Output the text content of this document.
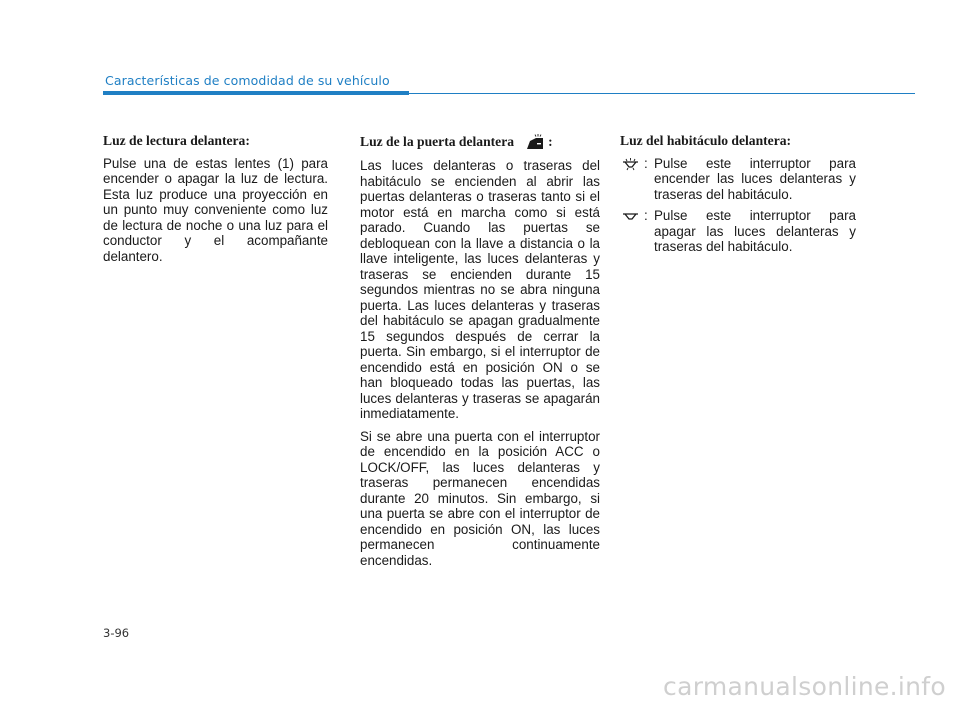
Características de comodidad de su vehículo
Luz de lectura delantera:
Pulse una de estas lentes (1) para encender o apagar la luz de lectura. Esta luz produce una proyección en un punto muy conveniente como luz de lectura de noche o una luz para el conductor y el acompañante delantero.
Luz de la puerta delantera	:
Las luces delanteras o traseras del habitáculo se encienden al abrir las puertas delanteras o traseras tanto si el motor está en marcha como si está parado. Cuando las puertas se debloquean con la llave a distancia o la llave inteligente, las luces delanteras y traseras se encienden durante 15 segundos mientras no se abra ninguna puerta. Las luces delanteras y traseras del habitáculo se apagan gradualmente 15 segundos después de cerrar la puerta. Sin embargo, si el interruptor de encendido está en posición ON o se han bloqueado todas las puertas, las luces delanteras y traseras se apagarán inmediatamente.
Si se abre una puerta con el interruptor de encendido en la posición ACC o LOCK/OFF, las luces delanteras y traseras permanecen encendidas durante 20 minutos. Sin embargo, si una puerta se abre con el interruptor de encendido en posición ON, las luces permanecen continuamente encendidas.
Luz del habitáculo delantera:
: Pulse este interruptor para encender las luces delanteras y traseras del habitáculo.
: Pulse este interruptor para apagar las luces delanteras y traseras del habitáculo.
3-96
carmanualsonline.info
